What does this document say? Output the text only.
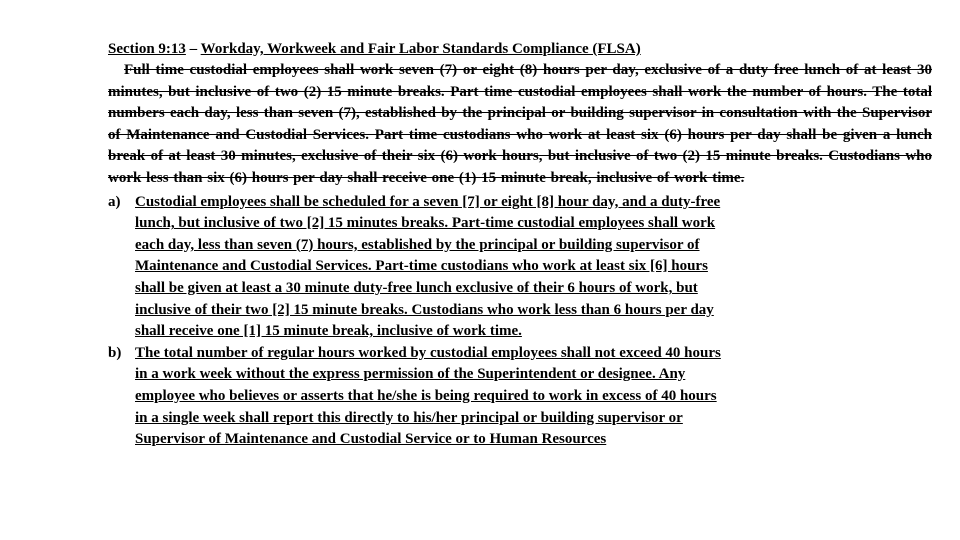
Section 9:13 – Workday, Workweek and Fair Labor Standards Compliance (FLSA)
Full time custodial employees shall work seven (7) or eight (8) hours per day, exclusive of a duty free lunch of at least 30 minutes, but inclusive of two (2) 15 minute breaks. Part time custodial employees shall work the number of hours. The total numbers each day, less than seven (7), established by the principal or building supervisor in consultation with the Supervisor of Maintenance and Custodial Services. Part time custodians who work at least six (6) hours per day shall be given a lunch break of at least 30 minutes, exclusive of their six (6) work hours, but inclusive of two (2) 15 minute breaks. Custodians who work less than six (6) hours per day shall receive one (1) 15 minute break, inclusive of work time.
a) Custodial employees shall be scheduled for a seven [7] or eight [8] hour day, and a duty-free
lunch, but inclusive of two [2] 15 minutes breaks. Part-time custodial employees shall work
each day, less than seven (7) hours, established by the principal or building supervisor of
Maintenance and Custodial Services. Part-time custodians who work at least six [6] hours
shall be given at least a 30 minute duty-free lunch exclusive of their 6 hours of work, but
inclusive of their two [2] 15 minute breaks. Custodians who work less than 6 hours per day
shall receive one [1] 15 minute break, inclusive of work time.
b) The total number of regular hours worked by custodial employees shall not exceed 40 hours
in a work week without the express permission of the Superintendent or designee. Any
employee who believes or asserts that he/she is being required to work in excess of 40 hours
in a single week shall report this directly to his/her principal or building supervisor or
Supervisor of Maintenance and Custodial Service or to Human Resources
